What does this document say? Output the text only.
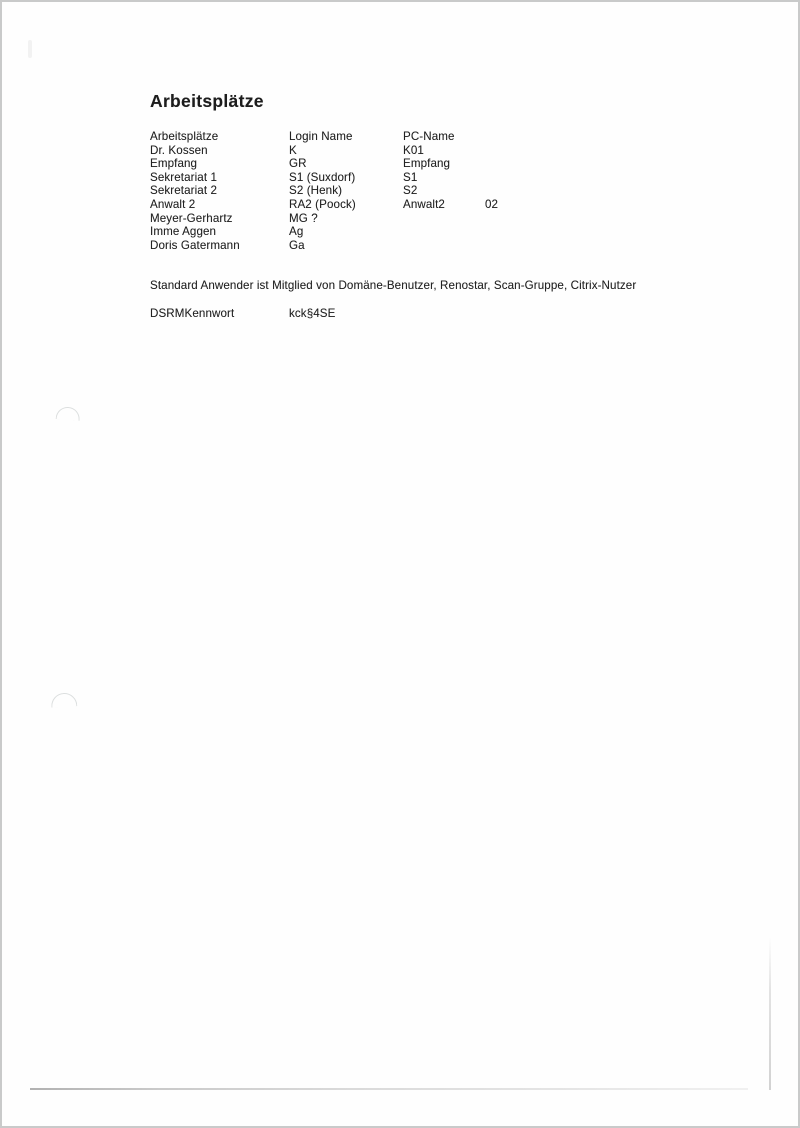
Arbeitsplätze
Arbeitsplätze	Login Name	PC-Name
Dr. Kossen	K	K01
Empfang	GR	Empfang
Sekretariat 1	S1 (Suxdorf)	S1
Sekretariat 2	S2 (Henk)	S2
Anwalt 2	RA2 (Poock)	Anwalt2	02
Meyer-Gerhartz	MG ?
Imme Aggen	Ag
Doris Gatermann	Ga
Standard Anwender ist Mitglied von Domäne-Benutzer, Renostar, Scan-Gruppe, Citrix-Nutzer
DSRMKennwort	kck§4SE
